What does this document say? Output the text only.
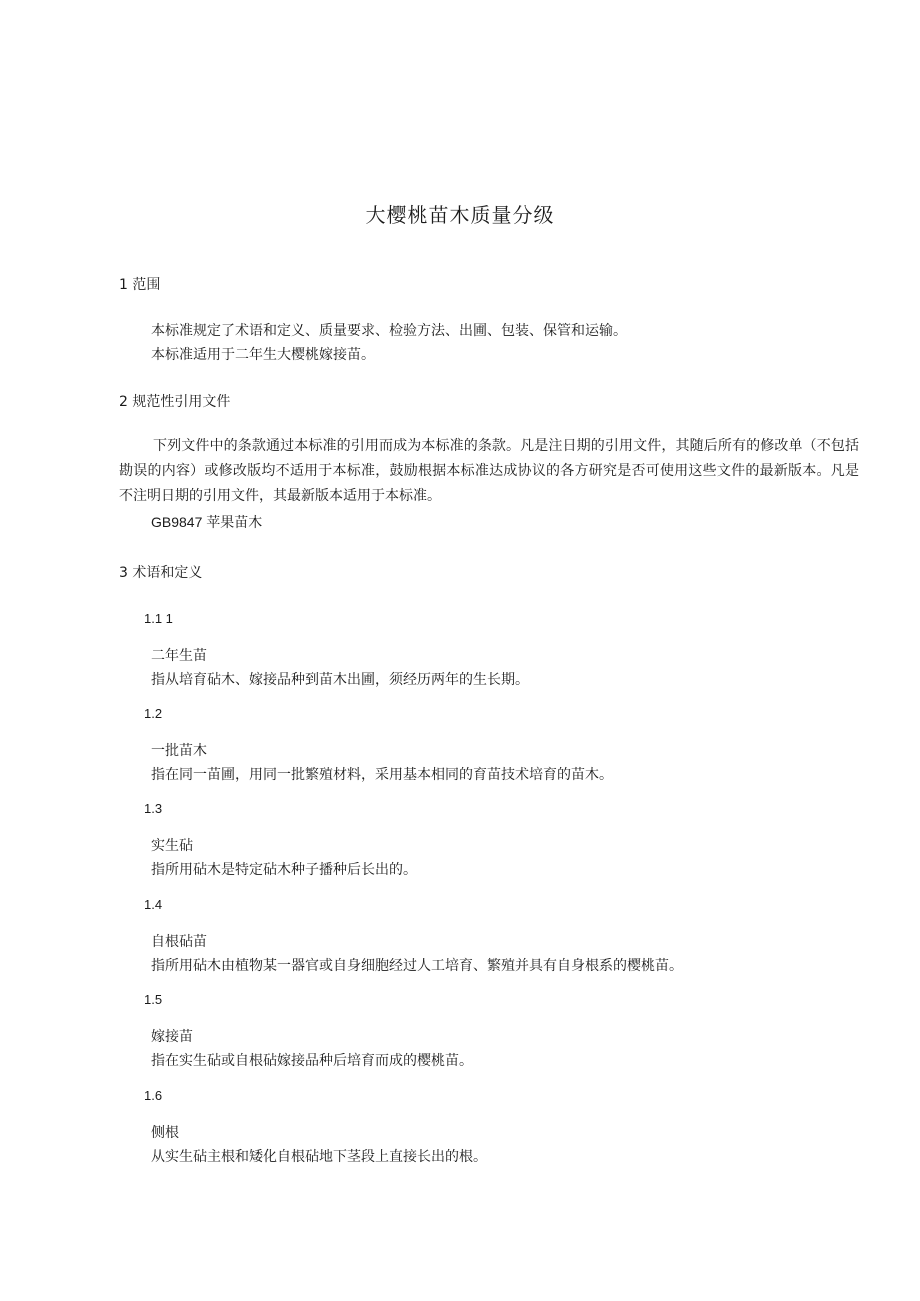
大樱桃苗木质量分级
1 范围
本标准规定了术语和定义、质量要求、检验方法、出圃、包装、保管和运输。
本标准适用于二年生大樱桃嫁接苗。
2 规范性引用文件
下列文件中的条款通过本标准的引用而成为本标准的条款。凡是注日期的引用文件，其随后所有的修改单（不包括勘误的内容）或修改版均不适用于本标准，鼓励根据本标准达成协议的各方研究是否可使用这些文件的最新版本。凡是不注明日期的引用文件，其最新版本适用于本标准。
GB9847 苹果苗木
3 术语和定义
1.1 1
二年生苗
指从培育砧木、嫁接品种到苗木出圃，须经历两年的生长期。
1.2
一批苗木
指在同一苗圃，用同一批繁殖材料，采用基本相同的育苗技术培育的苗木。
1.3
实生砧
指所用砧木是特定砧木种子播种后长出的。
1.4
自根砧苗
指所用砧木由植物某一器官或自身细胞经过人工培育、繁殖并具有自身根系的樱桃苗。
1.5
嫁接苗
指在实生砧或自根砧嫁接品种后培育而成的樱桃苗。
1.6
侧根
从实生砧主根和矮化自根砧地下茎段上直接长出的根。
